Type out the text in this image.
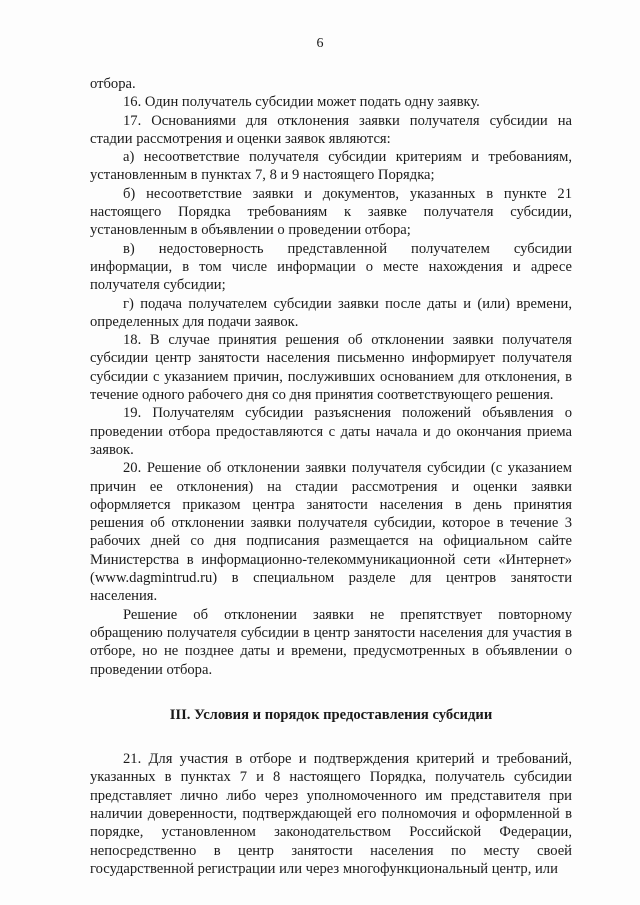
6

отбора.

16. Один получатель субсидии может подать одну заявку.

17. Основаниями для отклонения заявки получателя субсидии на стадии рассмотрения и оценки заявок являются:

а) несоответствие получателя субсидии критериям и требованиям, установленным в пунктах 7, 8 и 9 настоящего Порядка;

б) несоответствие заявки и документов, указанных в пункте 21 настоящего Порядка требованиям к заявке получателя субсидии, установленным в объявлении о проведении отбора;

в) недостоверность представленной получателем субсидии информации, в том числе информации о месте нахождения и адресе получателя субсидии;

г) подача получателем субсидии заявки после даты и (или) времени, определенных для подачи заявок.

18. В случае принятия решения об отклонении заявки получателя субсидии центр занятости населения письменно информирует получателя субсидии с указанием причин, послуживших основанием для отклонения, в течение одного рабочего дня со дня принятия соответствующего решения.

19. Получателям субсидии разъяснения положений объявления о проведении отбора предоставляются с даты начала и до окончания приема заявок.

20. Решение об отклонении заявки получателя субсидии (с указанием причин ее отклонения) на стадии рассмотрения и оценки заявки оформляется приказом центра занятости населения в день принятия решения об отклонении заявки получателя субсидии, которое в течение 3 рабочих дней со дня подписания размещается на официальном сайте Министерства в информационно-телекоммуникационной сети «Интернет» (www.dagmintrud.ru) в специальном разделе для центров занятости населения.

Решение об отклонении заявки не препятствует повторному обращению получателя субсидии в центр занятости населения для участия в отборе, но не позднее даты и времени, предусмотренных в объявлении о проведении отбора.

III. Условия и порядок предоставления субсидии

21. Для участия в отборе и подтверждения критерий и требований, указанных в пунктах 7 и 8 настоящего Порядка, получатель субсидии представляет лично либо через уполномоченного им представителя при наличии доверенности, подтверждающей его полномочия и оформленной в порядке, установленном законодательством Российской Федерации, непосредственно в центр занятости населения по месту своей государственной регистрации или через многофункциональный центр, или
